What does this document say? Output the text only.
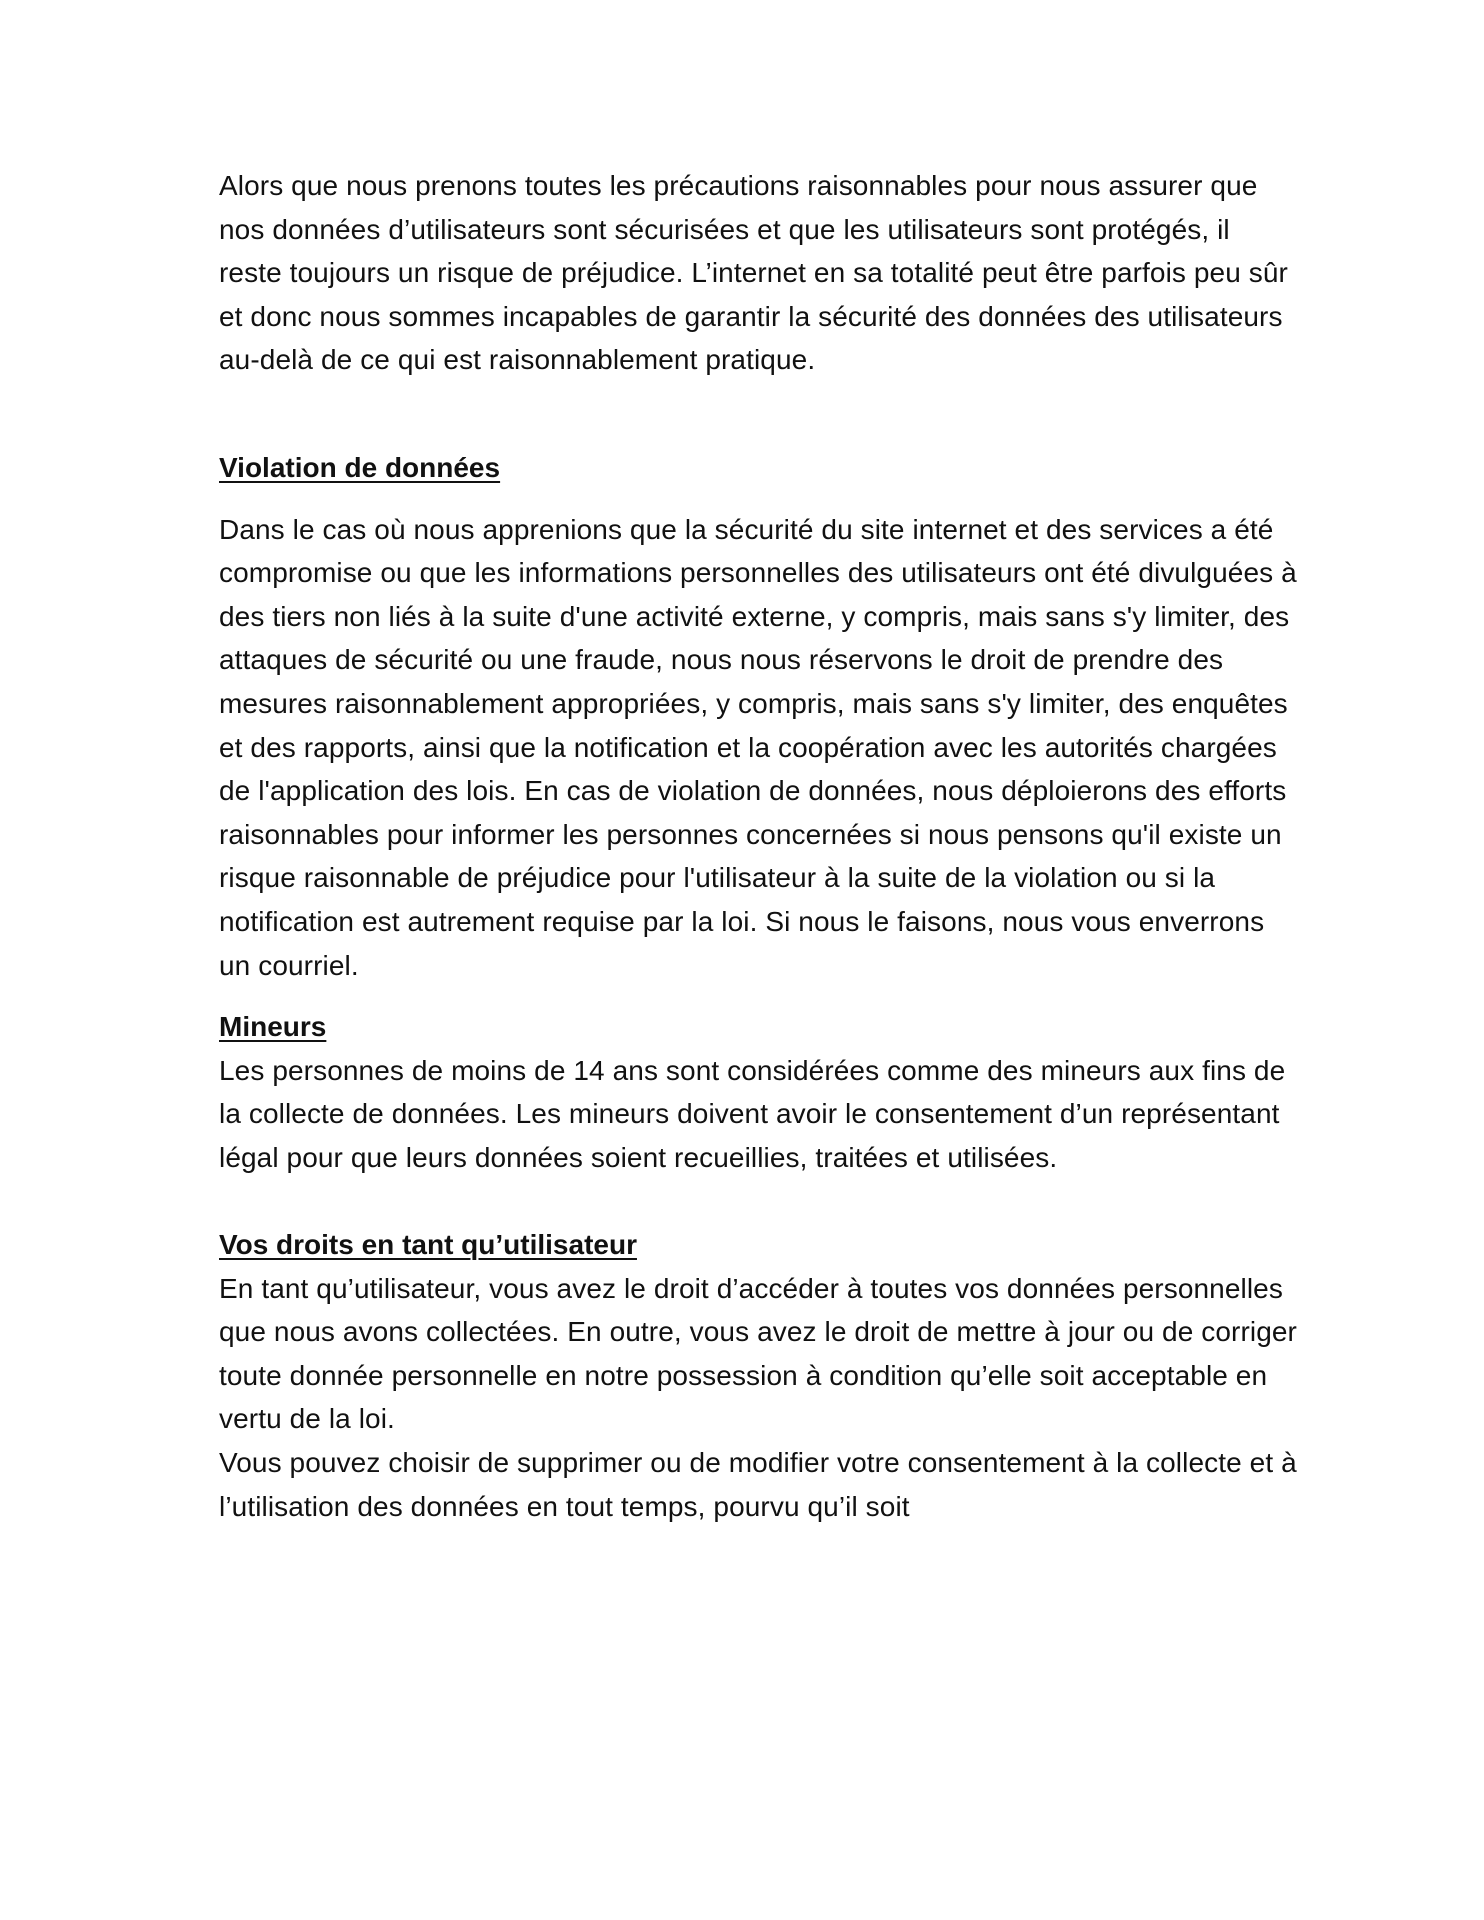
Alors que nous prenons toutes les précautions raisonnables pour nous assurer que nos données d’utilisateurs sont sécurisées et que les utilisateurs sont protégés, il reste toujours un risque de préjudice. L’internet en sa totalité peut être parfois peu sûr et donc nous sommes incapables de garantir la sécurité des données des utilisateurs au-delà de ce qui est raisonnablement pratique.

Violation de données

Dans le cas où nous apprenions que la sécurité du site internet et des services a été compromise ou que les informations personnelles des utilisateurs ont été divulguées à des tiers non liés à la suite d'une activité externe, y compris, mais sans s'y limiter, des attaques de sécurité ou une fraude, nous nous réservons le droit de prendre des mesures raisonnablement appropriées, y compris, mais sans s'y limiter, des enquêtes et des rapports, ainsi que la notification et la coopération avec les autorités chargées de l'application des lois. En cas de violation de données, nous déploierons des efforts raisonnables pour informer les personnes concernées si nous pensons qu'il existe un risque raisonnable de préjudice pour l'utilisateur à la suite de la violation ou si la notification est autrement requise par la loi. Si nous le faisons, nous vous enverrons un courriel.

Mineurs

Les personnes de moins de 14 ans sont considérées comme des mineurs aux fins de la collecte de données. Les mineurs doivent avoir le consentement d’un représentant légal pour que leurs données soient recueillies, traitées et utilisées.

Vos droits en tant qu’utilisateur

En tant qu’utilisateur, vous avez le droit d’accéder à toutes vos données personnelles que nous avons collectées. En outre, vous avez le droit de mettre à jour ou de corriger toute donnée personnelle en notre possession à condition qu’elle soit acceptable en vertu de la loi.

Vous pouvez choisir de supprimer ou de modifier votre consentement à la collecte et à l’utilisation des données en tout temps, pourvu qu’il soit
